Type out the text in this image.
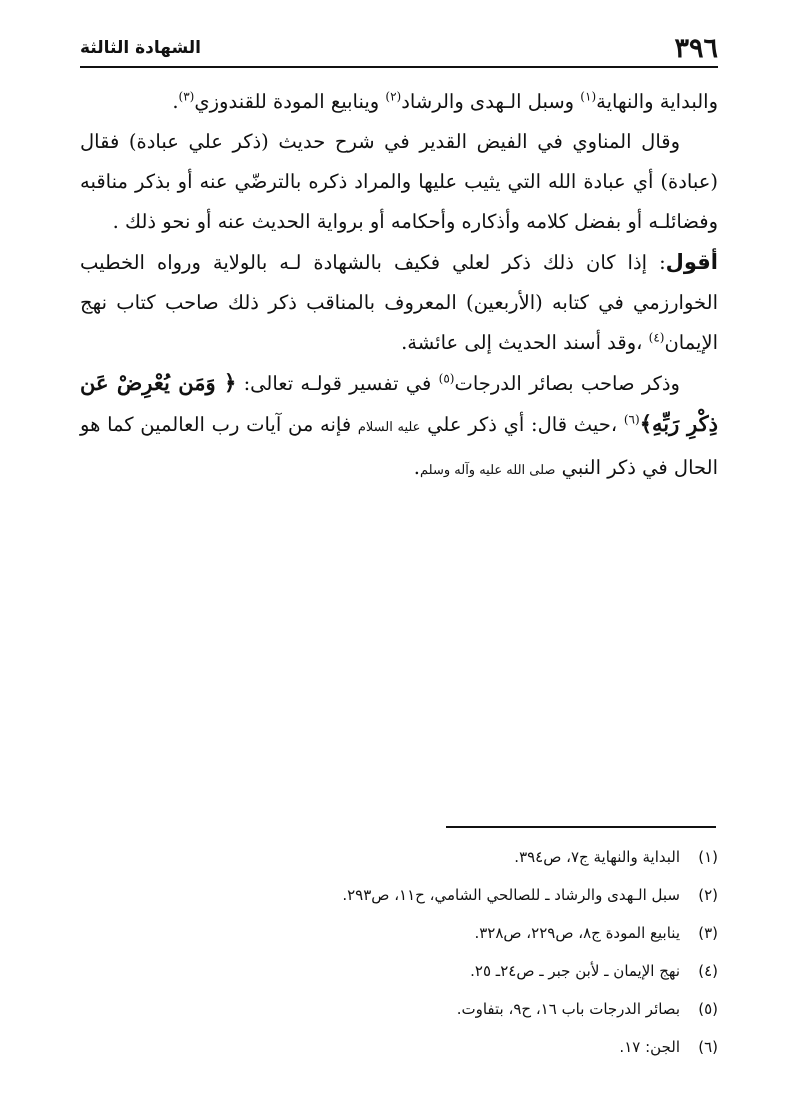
٣٩٦
الشهادة الثالثة

والبداية والنهاية$^{(١)}$ وسبل الـهدى والرشاد$^{(٢)}$ وينابيع المودة للقندوزي$^{(٣)}$.

وقال المناوي في الفيض القدير في شرح حديث (ذكر علي عبادة) فقال (عبادة) أي عبادة الله التي يثيب عليها والمراد ذكره بالترضّي عنه أو بذكر مناقبه وفضائلـه أو بفضل كلامه وأذكاره وأحكامه أو برواية الحديث عنه أو نحو ذلك .

أقول: إذا كان ذلك ذكر لعلي فكيف بالشهادة لـه بالولاية ورواه الخطيب الخوارزمي في كتابه (الأربعين) المعروف بالمناقب ذكر ذلك صاحب كتاب نهج الإيمان$^{(٤)}$ ،وقد أسند الحديث إلى عائشة.

وذكر صاحب بصائر الدرجات$^{(٥)}$ في تفسير قولـه تعالى: ﴿ وَمَن يُعْرِضْ عَن ذِكْرِ رَبِّهِ﴾$^{(٦)}$ ،حيث قال: أي ذكر علي عليه السلام فإنه من آيات رب العالمين كما هو الحال في ذكر النبي صلى الله عليه وآله وسلم.

(١)
البداية والنهاية ج٧، ص٣٩٤.
(٢)
سبل الـهدى والرشاد ـ للصالحي الشامي، ح١١، ص٢٩٣.
(٣)
ينابيع المودة ج٨، ص٢٢٩، ص٣٢٨.
(٤)
نهج الإيمان ـ لأبن جبر ـ ص٢٤ـ ٢٥.
(٥)
بصائر الدرجات باب ١٦، ح٩، بتفاوت.
(٦)
الجن: ١٧.
